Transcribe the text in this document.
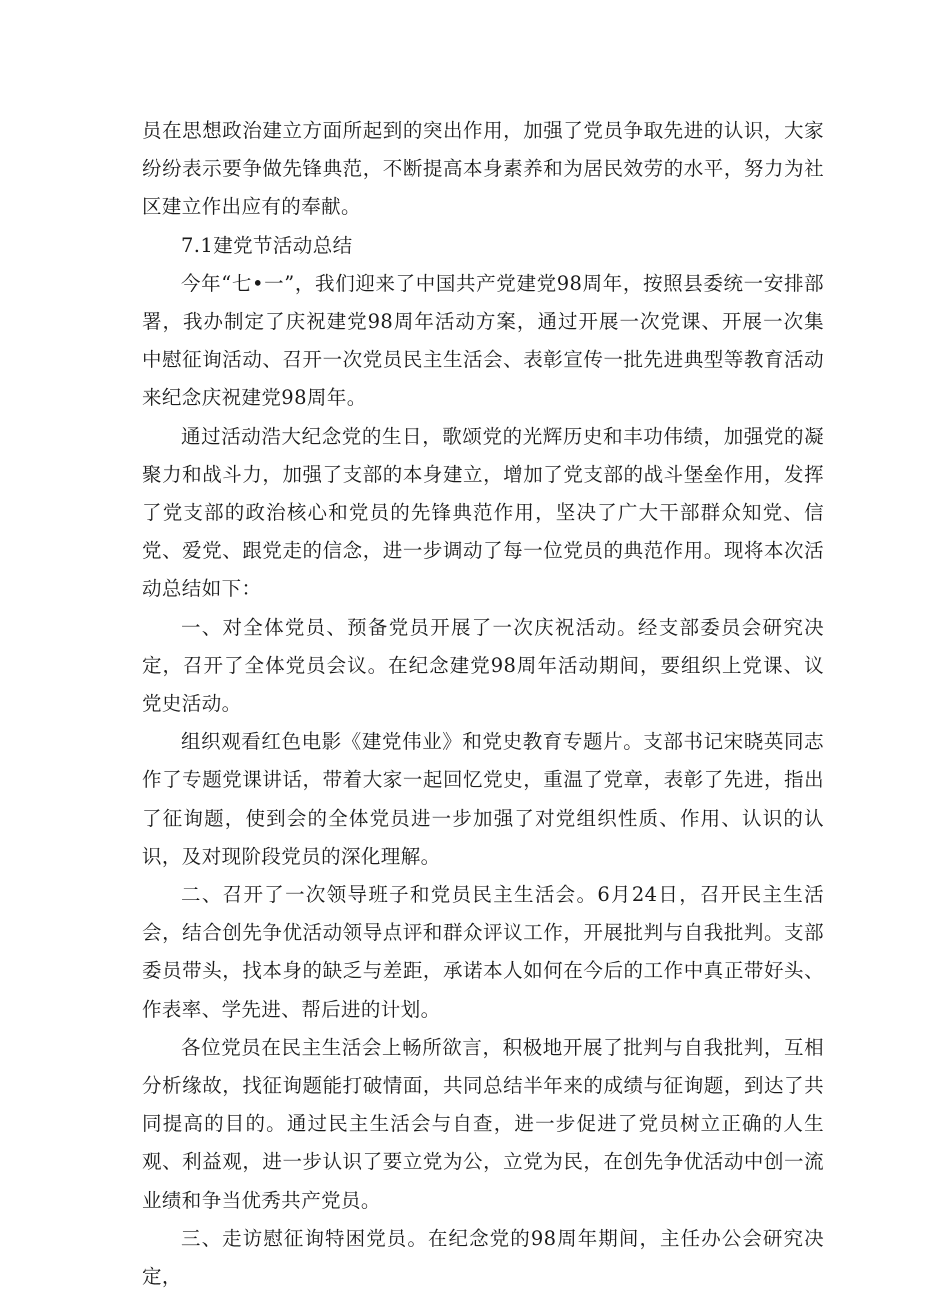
员在思想政治建立方面所起到的突出作用，加强了党员争取先进的认识，大家纷纷表示要争做先锋典范，不断提高本身素养和为居民效劳的水平，努力为社区建立作出应有的奉献。

7.1建党节活动总结

今年“七•一”，我们迎来了中国共产党建党98周年，按照县委统一安排部署，我办制定了庆祝建党98周年活动方案，通过开展一次党课、开展一次集中慰征询活动、召开一次党员民主生活会、表彰宣传一批先进典型等教育活动来纪念庆祝建党98周年。

通过活动浩大纪念党的生日，歌颂党的光辉历史和丰功伟绩，加强党的凝聚力和战斗力，加强了支部的本身建立，增加了党支部的战斗堡垒作用，发挥了党支部的政治核心和党员的先锋典范作用，坚决了广大干部群众知党、信党、爱党、跟党走的信念，进一步调动了每一位党员的典范作用。现将本次活动总结如下：

一、对全体党员、预备党员开展了一次庆祝活动。经支部委员会研究决定，召开了全体党员会议。在纪念建党98周年活动期间，要组织上党课、议党史活动。

组织观看红色电影《建党伟业》和党史教育专题片。支部书记宋晓英同志作了专题党课讲话，带着大家一起回忆党史，重温了党章，表彰了先进，指出了征询题，使到会的全体党员进一步加强了对党组织性质、作用、认识的认识，及对现阶段党员的深化理解。

二、召开了一次领导班子和党员民主生活会。6月24日，召开民主生活会，结合创先争优活动领导点评和群众评议工作，开展批判与自我批判。支部委员带头，找本身的缺乏与差距，承诺本人如何在今后的工作中真正带好头、作表率、学先进、帮后进的计划。

各位党员在民主生活会上畅所欲言，积极地开展了批判与自我批判，互相分析缘故，找征询题能打破情面，共同总结半年来的成绩与征询题，到达了共同提高的目的。通过民主生活会与自查，进一步促进了党员树立正确的人生观、利益观，进一步认识了要立党为公，立党为民，在创先争优活动中创一流业绩和争当优秀共产党员。

三、走访慰征询特困党员。在纪念党的98周年期间，主任办公会研究决定，
